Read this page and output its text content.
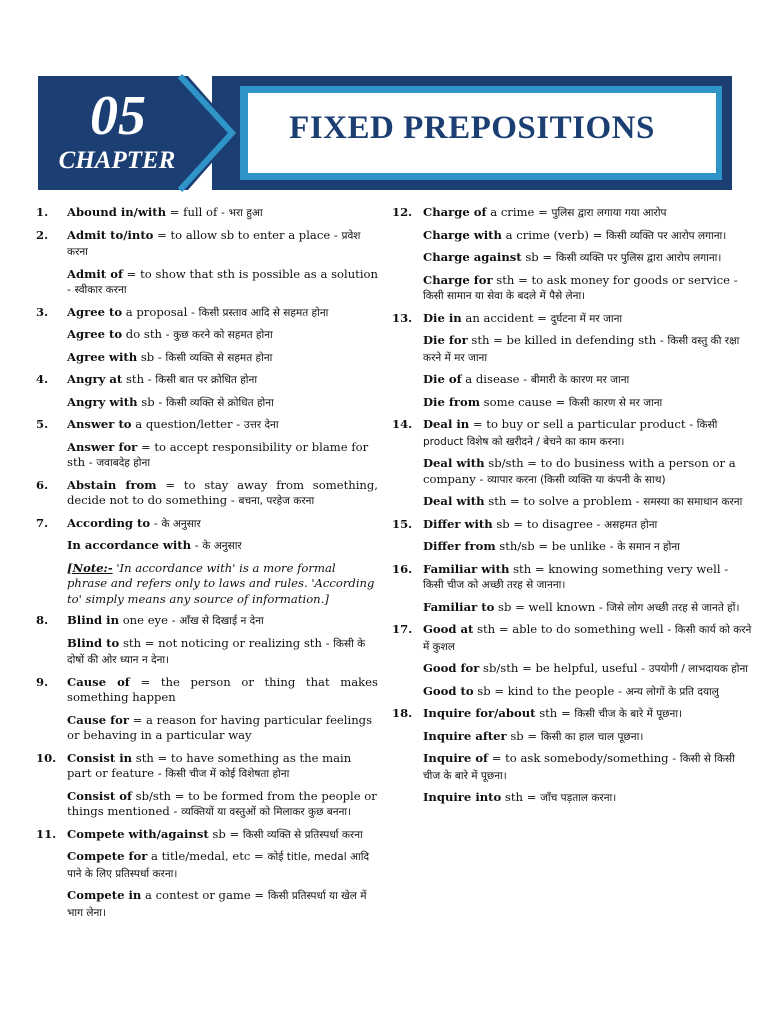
05
CHAPTER
FIXED PREPOSITIONS
1. Abound in/with = full of - भरा हुआ
2. Admit to/into = to allow sb to enter a place - प्रवेश करना
Admit of = to show that sth is possible as a solution - स्वीकार करना
3. Agree to a proposal - किसी प्रस्ताव आदि से सहमत होना
Agree to do sth - कुछ करने को सहमत होना
Agree with sb - किसी व्यक्ति से सहमत होना
4. Angry at sth - किसी बात पर क्रोधित होना
Angry with sb - किसी व्यक्ति से क्रोधित होना
5. Answer to a question/letter - उत्तर देना
Answer for = to accept responsibility or blame for sth - जवाबदेह होना
6. Abstain from = to stay away from something, decide not to do something - बचना, परहेज करना
7. According to - के अनुसार
In accordance with - के अनुसार
[Note:- 'In accordance with' is a more formal phrase and refers only to laws and rules. 'According to' simply means any source of information.]
8. Blind in one eye - आँख से दिखाई न देना
Blind to sth = not noticing or realizing sth - किसी के दोषों की ओर ध्यान न देना।
9. Cause of = the person or thing that makes something happen
Cause for = a reason for having particular feelings or behaving in a particular way
10. Consist in sth = to have something as the main part or feature - किसी चीज में कोई विशेषता होना
Consist of sb/sth = to be formed from the people or things mentioned - व्यक्तियों या वस्तुओं को मिलाकर कुछ बनना।
11. Compete with/against sb = किसी व्यक्ति से प्रतिस्पर्धा करना
Compete for a title/medal, etc = कोई title, medal आदि पाने के लिए प्रतिस्पर्धा करना।
Compete in a contest or game = किसी प्रतिस्पर्धा या खेल में भाग लेना।
12. Charge of a crime = पुलिस द्वारा लगाया गया आरोप
Charge with a crime (verb) = किसी व्यक्ति पर आरोप लगाना।
Charge against sb = किसी व्यक्ति पर पुलिस द्वारा आरोप लगाना।
Charge for sth = to ask money for goods or service - किसी सामान या सेवा के बदले में पैसे लेना।
13. Die in an accident = दुर्घटना में मर जाना
Die for sth = be killed in defending sth - किसी वस्तु की रक्षा करने में मर जाना
Die of a disease - बीमारी के कारण मर जाना
Die from some cause = किसी कारण से मर जाना
14. Deal in = to buy or sell a particular product - किसी product विशेष को खरीदने / बेचने का काम करना।
Deal with sb/sth = to do business with a person or a company - व्यापार करना (किसी व्यक्ति या कंपनी के साथ)
Deal with sth = to solve a problem - समस्या का समाधान करना
15. Differ with sb = to disagree - असहमत होना
Differ from sth/sb = be unlike - के समान न होना
16. Familiar with sth = knowing something very well - किसी चीज को अच्छी तरह से जानना।
Familiar to sb = well known - जिसे लोग अच्छी तरह से जानते हों।
17. Good at sth = able to do something well - किसी कार्य को करने में कुशल
Good for sb/sth = be helpful, useful - उपयोगी / लाभदायक होना
Good to sb = kind to the people - अन्य लोगों के प्रति दयालु
18. Inquire for/about sth = किसी चीज के बारे में पूछना।
Inquire after sb = किसी का हाल चाल पूछना।
Inquire of = to ask somebody/something - किसी से किसी चीज के बारे में पूछना।
Inquire into sth = जाँच पड़ताल करना।
